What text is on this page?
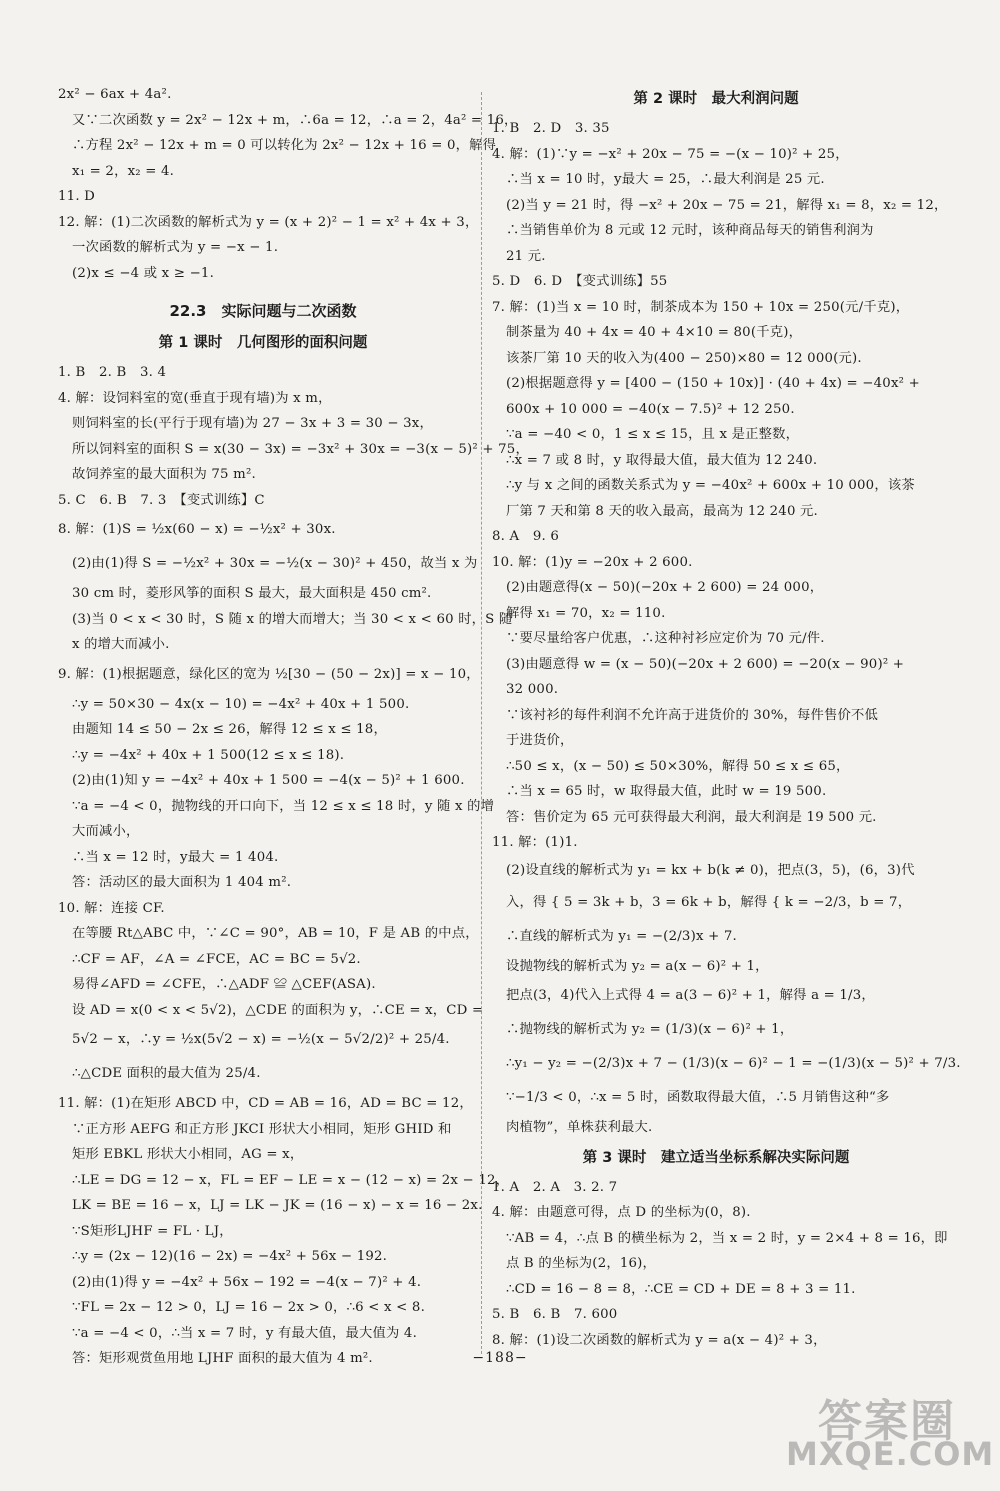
2x² − 6ax + 4a².
又∵二次函数 y = 2x² − 12x + m，∴6a = 12，∴a = 2，4a² = 16，
∴方程 2x² − 12x + m = 0 可以转化为 2x² − 12x + 16 = 0，解得
x₁ = 2，x₂ = 4.
11. D
12. 解：(1)二次函数的解析式为 y = (x + 2)² − 1 = x² + 4x + 3，
一次函数的解析式为 y = −x − 1.
(2)x ≤ −4 或 x ≥ −1.
22.3　实际问题与二次函数
第 1 课时　几何图形的面积问题
1. B　2. B　3. 4
4. 解：设饲料室的宽(垂直于现有墙)为 x m，
则饲料室的长(平行于现有墙)为 27 − 3x + 3 = 30 − 3x，
所以饲料室的面积 S = x(30 − 3x) = −3x² + 30x = −3(x − 5)² + 75，
故饲养室的最大面积为 75 m².
5. C　6. B　7. 3　【变式训练】C
8. 解：(1)S = ½x(60 − x) = −½x² + 30x.
(2)由(1)得 S = −½x² + 30x = −½(x − 30)² + 450，故当 x 为
30 cm 时，菱形风筝的面积 S 最大，最大面积是 450 cm².
(3)当 0 < x < 30 时，S 随 x 的增大而增大；当 30 < x < 60 时，S 随
x 的增大而减小.
9. 解：(1)根据题意，绿化区的宽为 ½[30 − (50 − 2x)] = x − 10，
∴y = 50×30 − 4x(x − 10) = −4x² + 40x + 1 500.
由题知 14 ≤ 50 − 2x ≤ 26，解得 12 ≤ x ≤ 18，
∴y = −4x² + 40x + 1 500(12 ≤ x ≤ 18).
(2)由(1)知 y = −4x² + 40x + 1 500 = −4(x − 5)² + 1 600.
∵a = −4 < 0，抛物线的开口向下，当 12 ≤ x ≤ 18 时，y 随 x 的增
大而减小，
∴当 x = 12 时，y最大 = 1 404.
答：活动区的最大面积为 1 404 m².
10. 解：连接 CF.
在等腰 Rt△ABC 中，∵∠C = 90°，AB = 10，F 是 AB 的中点，
∴CF = AF，∠A = ∠FCE，AC = BC = 5√2.
易得∠AFD = ∠CFE，∴△ADF ≌ △CEF(ASA).
设 AD = x(0 < x < 5√2)，△CDE 的面积为 y，∴CE = x，CD =
5√2 − x，∴y = ½x(5√2 − x) = −½(x − 5√2/2)² + 25/4.
∴△CDE 面积的最大值为 25/4.
11. 解：(1)在矩形 ABCD 中，CD = AB = 16，AD = BC = 12，
∵正方形 AEFG 和正方形 JKCI 形状大小相同，矩形 GHID 和
矩形 EBKL 形状大小相同，AG = x，
∴LE = DG = 12 − x，FL = EF − LE = x − (12 − x) = 2x − 12，
LK = BE = 16 − x，LJ = LK − JK = (16 − x) − x = 16 − 2x.
∵S矩形LJHF = FL · LJ，
∴y = (2x − 12)(16 − 2x) = −4x² + 56x − 192.
(2)由(1)得 y = −4x² + 56x − 192 = −4(x − 7)² + 4.
∵FL = 2x − 12 > 0，LJ = 16 − 2x > 0，∴6 < x < 8.
∵a = −4 < 0，∴当 x = 7 时，y 有最大值，最大值为 4.
答：矩形观赏鱼用地 LJHF 面积的最大值为 4 m².
第 2 课时　最大利润问题
1. B　2. D　3. 35
4. 解：(1)∵y = −x² + 20x − 75 = −(x − 10)² + 25，
∴当 x = 10 时，y最大 = 25，∴最大利润是 25 元.
(2)当 y = 21 时，得 −x² + 20x − 75 = 21，解得 x₁ = 8，x₂ = 12，
∴当销售单价为 8 元或 12 元时，该种商品每天的销售利润为
21 元.
5. D　6. D　【变式训练】55
7. 解：(1)当 x = 10 时，制茶成本为 150 + 10x = 250(元/千克)，
制茶量为 40 + 4x = 40 + 4×10 = 80(千克)，
该茶厂第 10 天的收入为(400 − 250)×80 = 12 000(元).
(2)根据题意得 y = [400 − (150 + 10x)] · (40 + 4x) = −40x² +
600x + 10 000 = −40(x − 7.5)² + 12 250.
∵a = −40 < 0，1 ≤ x ≤ 15，且 x 是正整数，
∴x = 7 或 8 时，y 取得最大值，最大值为 12 240.
∴y 与 x 之间的函数关系式为 y = −40x² + 600x + 10 000，该茶
厂第 7 天和第 8 天的收入最高，最高为 12 240 元.
8. A　9. 6
10. 解：(1)y = −20x + 2 600.
(2)由题意得(x − 50)(−20x + 2 600) = 24 000，
解得 x₁ = 70，x₂ = 110.
∵要尽量给客户优惠，∴这种衬衫应定价为 70 元/件.
(3)由题意得 w = (x − 50)(−20x + 2 600) = −20(x − 90)² +
32 000.
∵该衬衫的每件利润不允许高于进货价的 30%，每件售价不低
于进货价，
∴50 ≤ x，(x − 50) ≤ 50×30%，解得 50 ≤ x ≤ 65，
∴当 x = 65 时，w 取得最大值，此时 w = 19 500.
答：售价定为 65 元可获得最大利润，最大利润是 19 500 元.
11. 解：(1)1.
(2)设直线的解析式为 y₁ = kx + b(k ≠ 0)，把点(3，5)，(6，3)代
入，得 { 5 = 3k + b，3 = 6k + b，解得 { k = −2/3，b = 7，
∴直线的解析式为 y₁ = −(2/3)x + 7.
设抛物线的解析式为 y₂ = a(x − 6)² + 1，
把点(3，4)代入上式得 4 = a(3 − 6)² + 1，解得 a = 1/3，
∴抛物线的解析式为 y₂ = (1/3)(x − 6)² + 1，
∴y₁ − y₂ = −(2/3)x + 7 − (1/3)(x − 6)² − 1 = −(1/3)(x − 5)² + 7/3.
∵−1/3 < 0，∴x = 5 时，函数取得最大值，∴5 月销售这种“多
肉植物”，单株获利最大.
第 3 课时　建立适当坐标系解决实际问题
1. A　2. A　3. 2. 7
4. 解：由题意可得，点 D 的坐标为(0，8).
∵AB = 4，∴点 B 的横坐标为 2，当 x = 2 时，y = 2×4 + 8 = 16，即
点 B 的坐标为(2，16)，
∴CD = 16 − 8 = 8，∴CE = CD + DE = 8 + 3 = 11.
5. B　6. B　7. 600
8. 解：(1)设二次函数的解析式为 y = a(x − 4)² + 3，
−188−
答案圈
MXQE.COM
